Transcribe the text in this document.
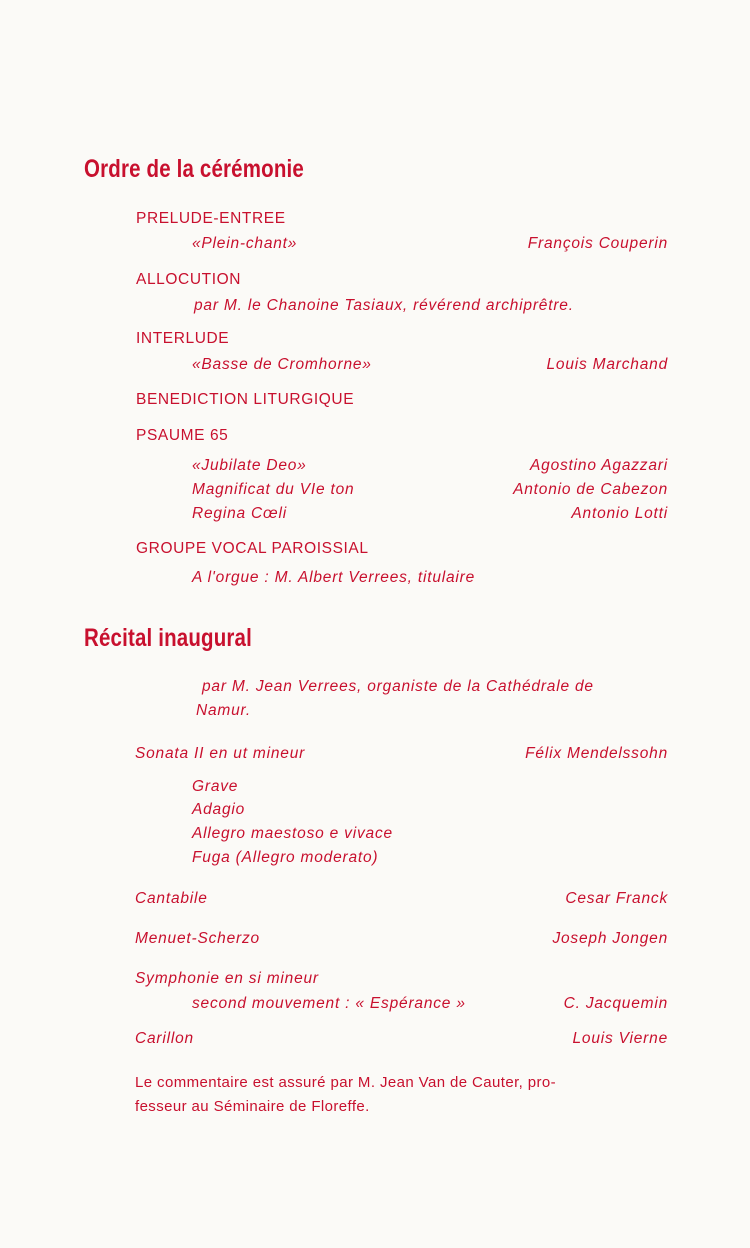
Ordre de la cérémonie
PRELUDE-ENTREE
«Plein-chant»	François Couperin
ALLOCUTION
par M. le Chanoine Tasiaux, révérend archiprêtre.
INTERLUDE
«Basse de Cromhorne»	Louis Marchand
BENEDICTION LITURGIQUE
PSAUME 65
«Jubilate Deo»	Agostino Agazzari
Magnificat du VIe ton	Antonio de Cabezon
Regina Cœli	Antonio Lotti
GROUPE VOCAL PAROISSIAL
A l'orgue : M. Albert Verrees, titulaire
Récital inaugural
par M. Jean Verrees, organiste de la Cathédrale de
Namur.
Sonata II en ut mineur	Félix Mendelssohn
Grave
Adagio
Allegro maestoso e vivace
Fuga (Allegro moderato)
Cantabile	Cesar Franck
Menuet-Scherzo	Joseph Jongen
Symphonie en si mineur
second mouvement : « Espérance »	C. Jacquemin
Carillon	Louis Vierne
Le commentaire est assuré par M. Jean Van de Cauter, pro-
fesseur au Séminaire de Floreffe.
